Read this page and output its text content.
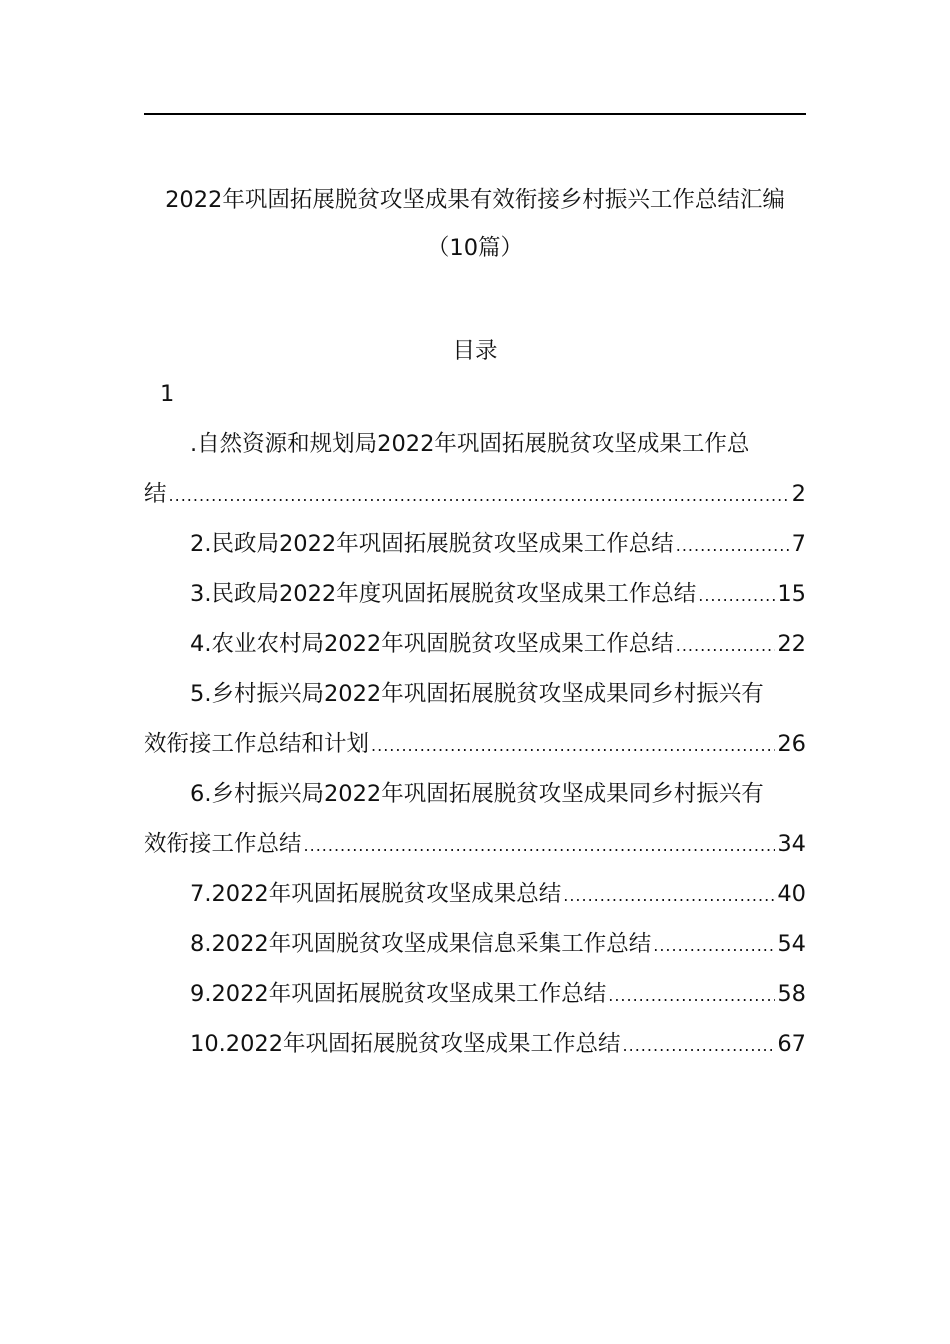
2022年巩固拓展脱贫攻坚成果有效衔接乡村振兴工作总结汇编
（10篇）
目录
1
.自然资源和规划局2022年巩固拓展脱贫攻坚成果工作总
结 .....	2
2.民政局2022年巩固拓展脱贫攻坚成果工作总结 .....	7
3.民政局2022年度巩固拓展脱贫攻坚成果工作总结 .....	15
4.农业农村局2022年巩固脱贫攻坚成果工作总结 .....	22
5.乡村振兴局2022年巩固拓展脱贫攻坚成果同乡村振兴有
效衔接工作总结和计划 .....	26
6.乡村振兴局2022年巩固拓展脱贫攻坚成果同乡村振兴有
效衔接工作总结 .....	34
7.2022年巩固拓展脱贫攻坚成果总结 .....	40
8.2022年巩固脱贫攻坚成果信息采集工作总结 .....	54
9.2022年巩固拓展脱贫攻坚成果工作总结 .....	58
10.2022年巩固拓展脱贫攻坚成果工作总结 .....	67
